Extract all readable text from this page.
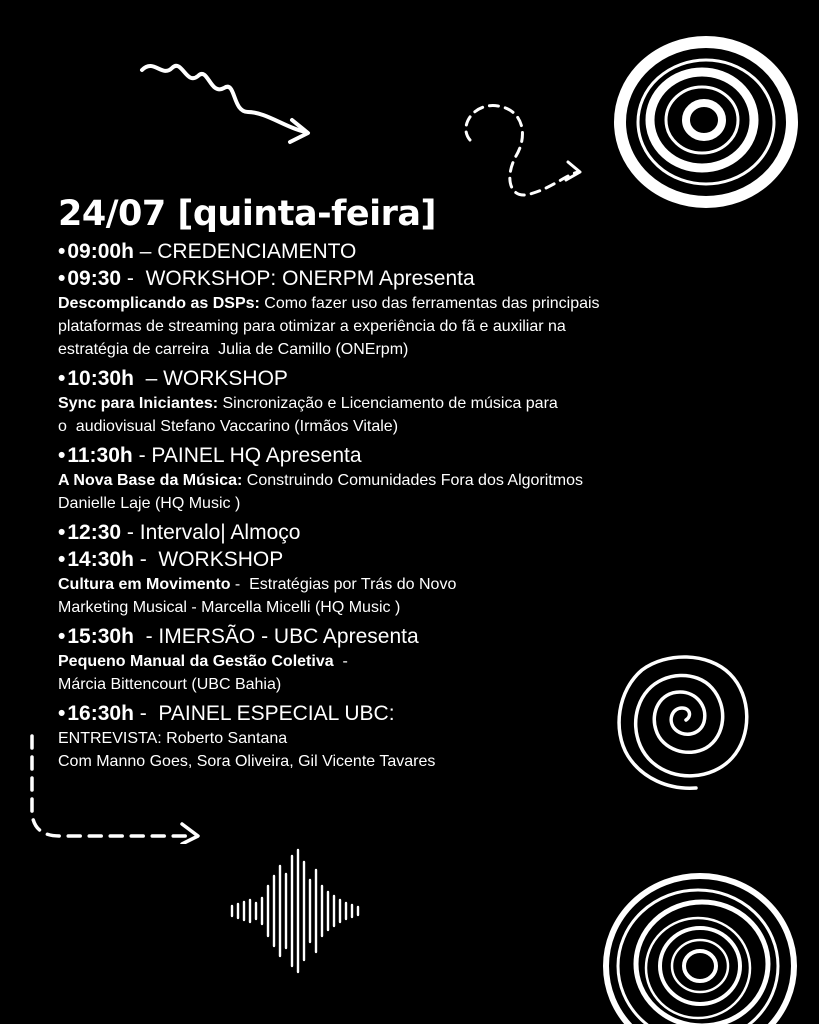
24/07 [quinta-feira]
•09:00h – CREDENCIAMENTO
•09:30 -  WORKSHOP: ONERPM Apresenta
Descomplicando as DSPs: Como fazer uso das ferramentas das principais
plataformas de streaming para otimizar a experiência do fã e auxiliar na
estratégia de carreira  Julia de Camillo (ONErpm)
•10:30h  – WORKSHOP
Sync para Iniciantes: Sincronização e Licenciamento de música para
o  audiovisual Stefano Vaccarino (Irmãos Vitale)
•11:30h - PAINEL HQ Apresenta
A Nova Base da Música: Construindo Comunidades Fora dos Algoritmos
Danielle Laje (HQ Music )
•12:30 - Intervalo| Almoço
•14:30h -  WORKSHOP
Cultura em Movimento -  Estratégias por Trás do Novo
Marketing Musical - Marcella Micelli (HQ Music )
•15:30h  - IMERSÃO - UBC Apresenta
Pequeno Manual da Gestão Coletiva  -
Márcia Bittencourt (UBC Bahia)
•16:30h -  PAINEL ESPECIAL UBC:
ENTREVISTA: Roberto Santana
Com Manno Goes, Sora Oliveira, Gil Vicente Tavares
